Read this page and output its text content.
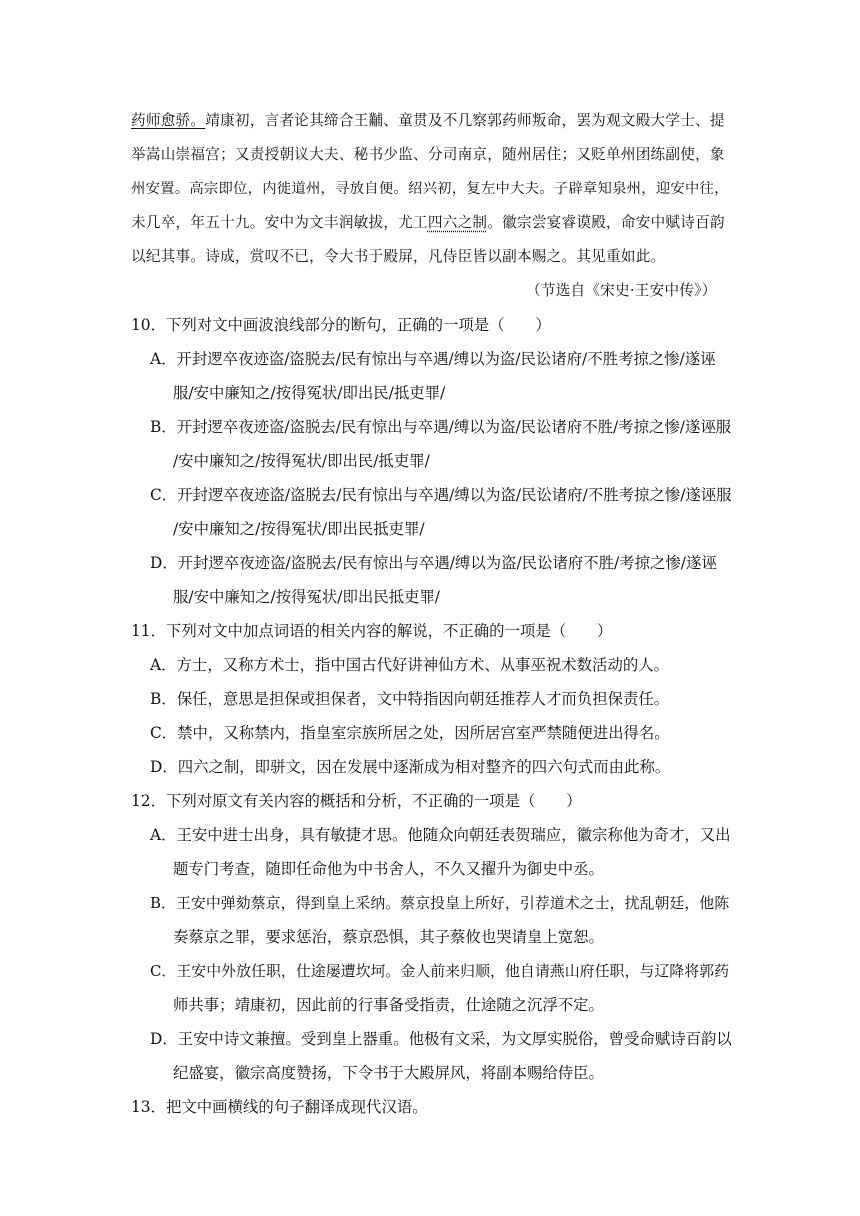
药师愈骄。靖康初，言者论其缔合王黼、童贯及不几察郭药师叛命，罢为观文殿大学士、提
举嵩山崇福宫；又责授朝议大夫、秘书少监、分司南京，随州居住；又贬单州团练副使，象
州安置。高宗即位，内徙道州，寻放自便。绍兴初，复左中大夫。子辟章知泉州，迎安中往，
未几卒，年五十九。安中为文丰润敏拔，尤工四六之制。徽宗尝宴睿谟殿，命安中赋诗百韵
以纪其事。诗成，赏叹不已，令大书于殿屏，凡侍臣皆以副本赐之。其见重如此。
（节选自《宋史·王安中传》）
10．下列对文中画波浪线部分的断句，正确的一项是（　　）
A．开封逻卒夜迹盗/盗脱去/民有惊出与卒遇/缚以为盗/民讼诸府/不胜考掠之惨/遂诬
服/安中廉知之/按得冤状/即出民/抵吏罪/
B．开封逻卒夜迹盗/盗脱去/民有惊出与卒遇/缚以为盗/民讼诸府不胜/考掠之惨/遂诬服
/安中廉知之/按得冤状/即出民/抵吏罪/
C．开封逻卒夜迹盗/盗脱去/民有惊出与卒遇/缚以为盗/民讼诸府/不胜考掠之惨/遂诬服
/安中廉知之/按得冤状/即出民抵吏罪/
D．开封逻卒夜迹盗/盗脱去/民有惊出与卒遇/缚以为盗/民讼诸府不胜/考掠之惨/遂诬
服/安中廉知之/按得冤状/即出民抵吏罪/
11．下列对文中加点词语的相关内容的解说，不正确的一项是（　　）
A．方士，又称方术士，指中国古代好讲神仙方术、从事巫祝术数活动的人。
B．保任，意思是担保或担保者，文中特指因向朝廷推荐人才而负担保责任。
C．禁中，又称禁内，指皇室宗族所居之处，因所居宫室严禁随便进出得名。
D．四六之制，即骈文，因在发展中逐渐成为相对整齐的四六句式而由此称。
12．下列对原文有关内容的概括和分析，不正确的一项是（　　）
A．王安中进士出身，具有敏捷才思。他随众向朝廷表贺瑞应，徽宗称他为奇才，又出
题专门考查，随即任命他为中书舍人，不久又擢升为御史中丞。
B．王安中弹劾蔡京，得到皇上采纳。蔡京投皇上所好，引荐道术之士，扰乱朝廷，他陈
奏蔡京之罪，要求惩治，蔡京恐惧，其子蔡攸也哭请皇上宽恕。
C．王安中外放任职，仕途屡遭坎坷。金人前来归顺，他自请燕山府任职，与辽降将郭药
师共事；靖康初，因此前的行事备受指责，仕途随之沉浮不定。
D．王安中诗文兼擅。受到皇上器重。他极有文采，为文厚实脱俗，曾受命赋诗百韵以
纪盛宴，徽宗高度赞扬，下令书于大殿屏风，将副本赐给侍臣。
13．把文中画横线的句子翻译成现代汉语。
